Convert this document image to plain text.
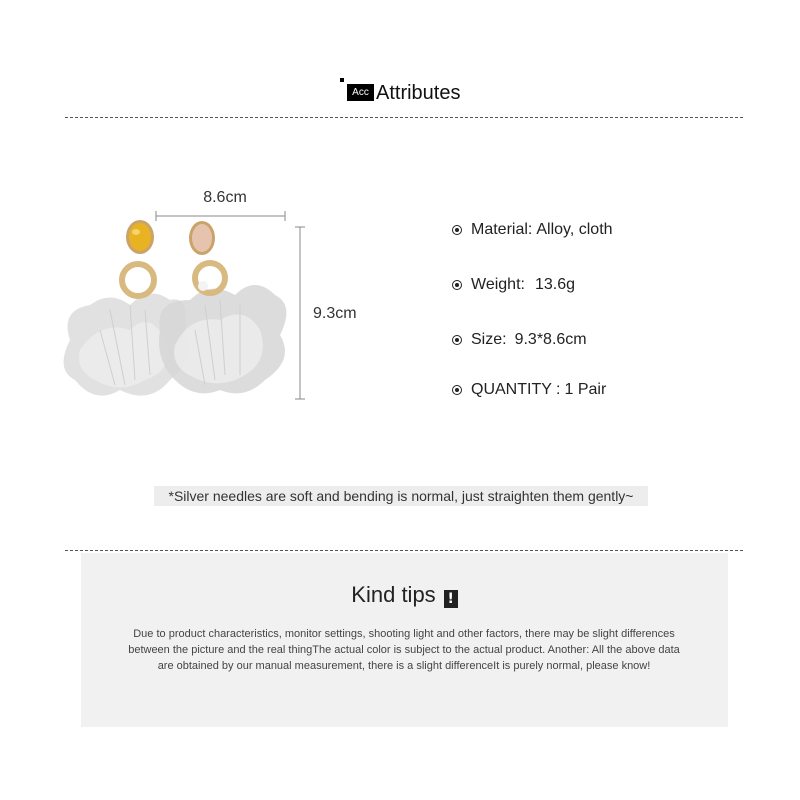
Acc Attributes
8.6cm
9.3cm
Material: Alloy, cloth
Weight: 13.6g
Size: 9.3*8.6cm
QUANTITY : 1 Pair
*Silver needles are soft and bending is normal, just straighten them gently~
Kind tips !
Due to product characteristics, monitor settings, shooting light and other factors, there may be slight differences between the picture and the real thingThe actual color is subject to the actual product. Another: All the above data are obtained by our manual measurement, there is a slight differenceIt is purely normal, please know!
